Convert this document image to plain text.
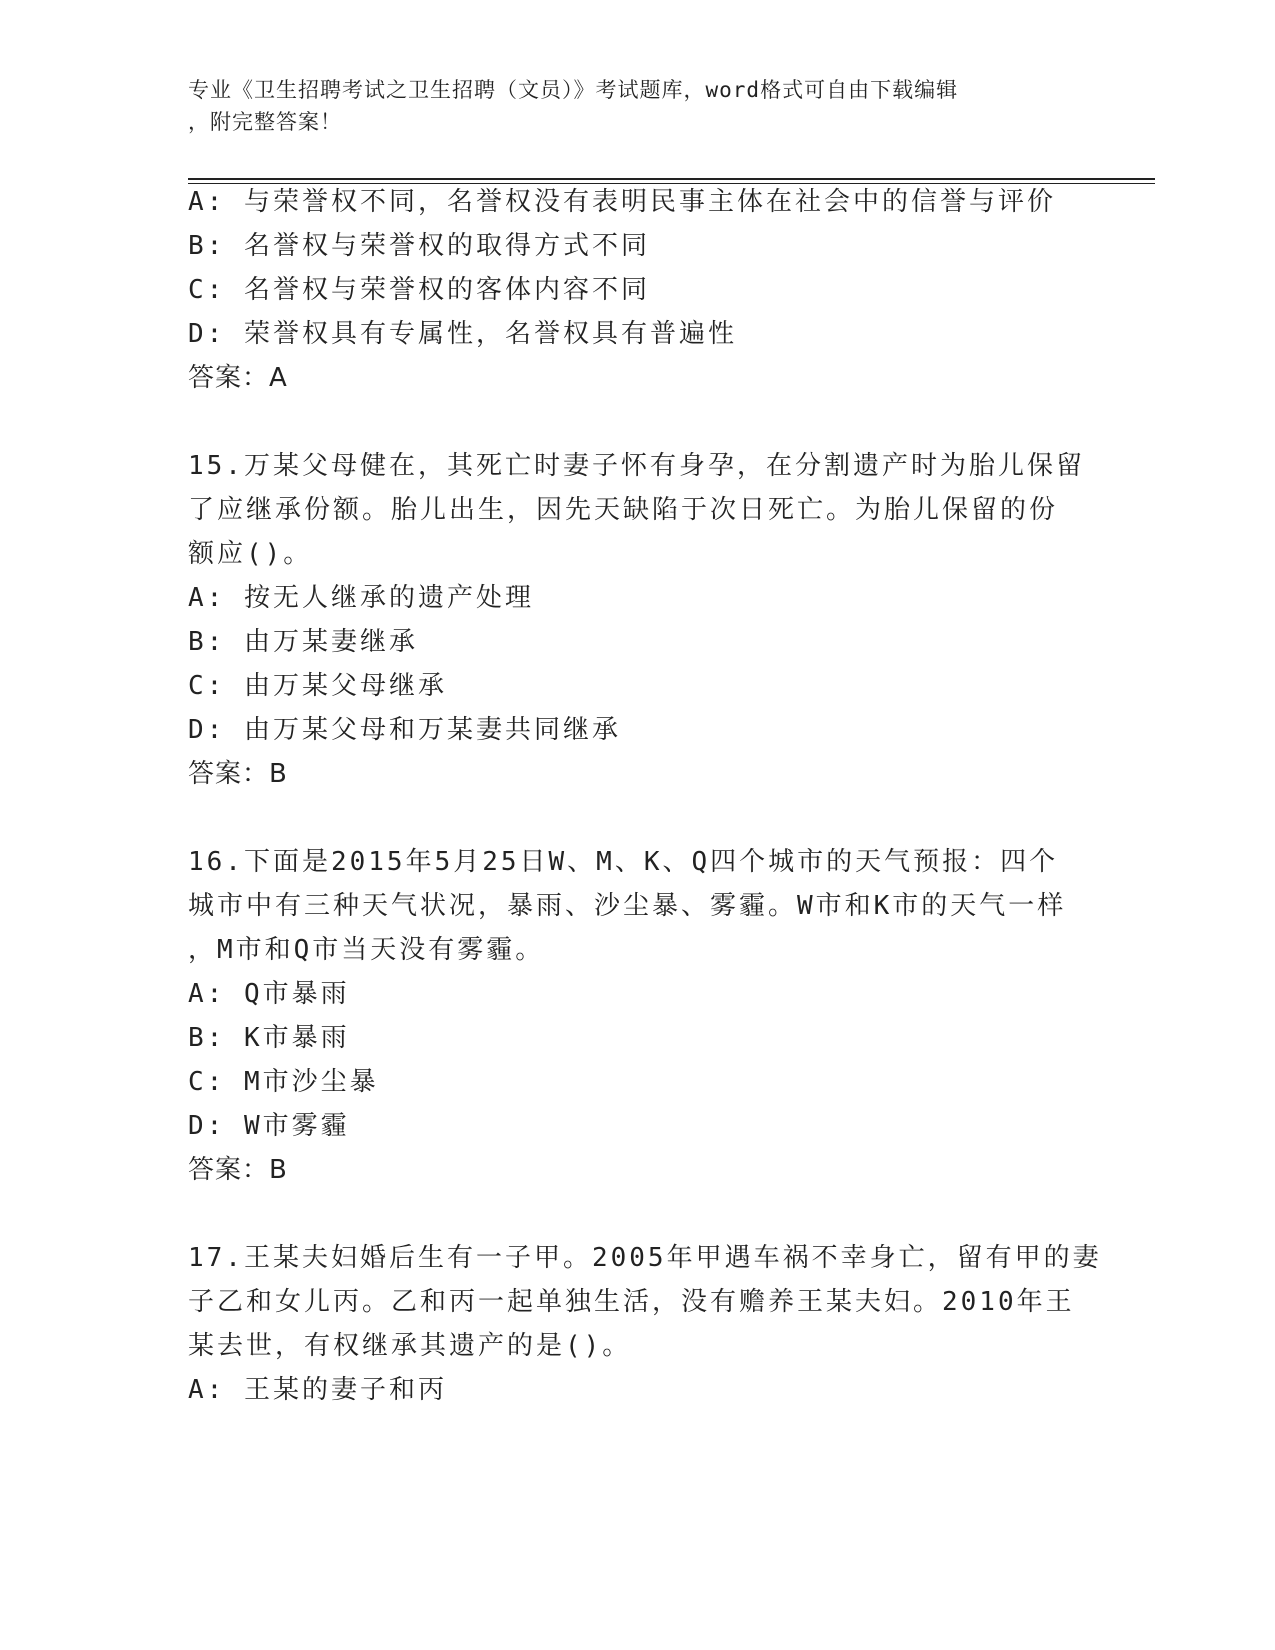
专业《卫生招聘考试之卫生招聘（文员）》考试题库，word格式可自由下载编辑
，附完整答案！
A: 与荣誉权不同，名誉权没有表明民事主体在社会中的信誉与评价
B: 名誉权与荣誉权的取得方式不同
C: 名誉权与荣誉权的客体内容不同
D: 荣誉权具有专属性，名誉权具有普遍性
答案：A
15.万某父母健在，其死亡时妻子怀有身孕，在分割遗产时为胎儿保留
了应继承份额。胎儿出生，因先天缺陷于次日死亡。为胎儿保留的份
额应()。
A: 按无人继承的遗产处理
B: 由万某妻继承
C: 由万某父母继承
D: 由万某父母和万某妻共同继承
答案：B
16.下面是2015年5月25日W、M、K、Q四个城市的天气预报：四个
城市中有三种天气状况，暴雨、沙尘暴、雾霾。W市和K市的天气一样
，M市和Q市当天没有雾霾。
A: Q市暴雨
B: K市暴雨
C: M市沙尘暴
D: W市雾霾
答案：B
17.王某夫妇婚后生有一子甲。2005年甲遇车祸不幸身亡，留有甲的妻
子乙和女儿丙。乙和丙一起单独生活，没有赡养王某夫妇。2010年王
某去世，有权继承其遗产的是()。
A: 王某的妻子和丙
